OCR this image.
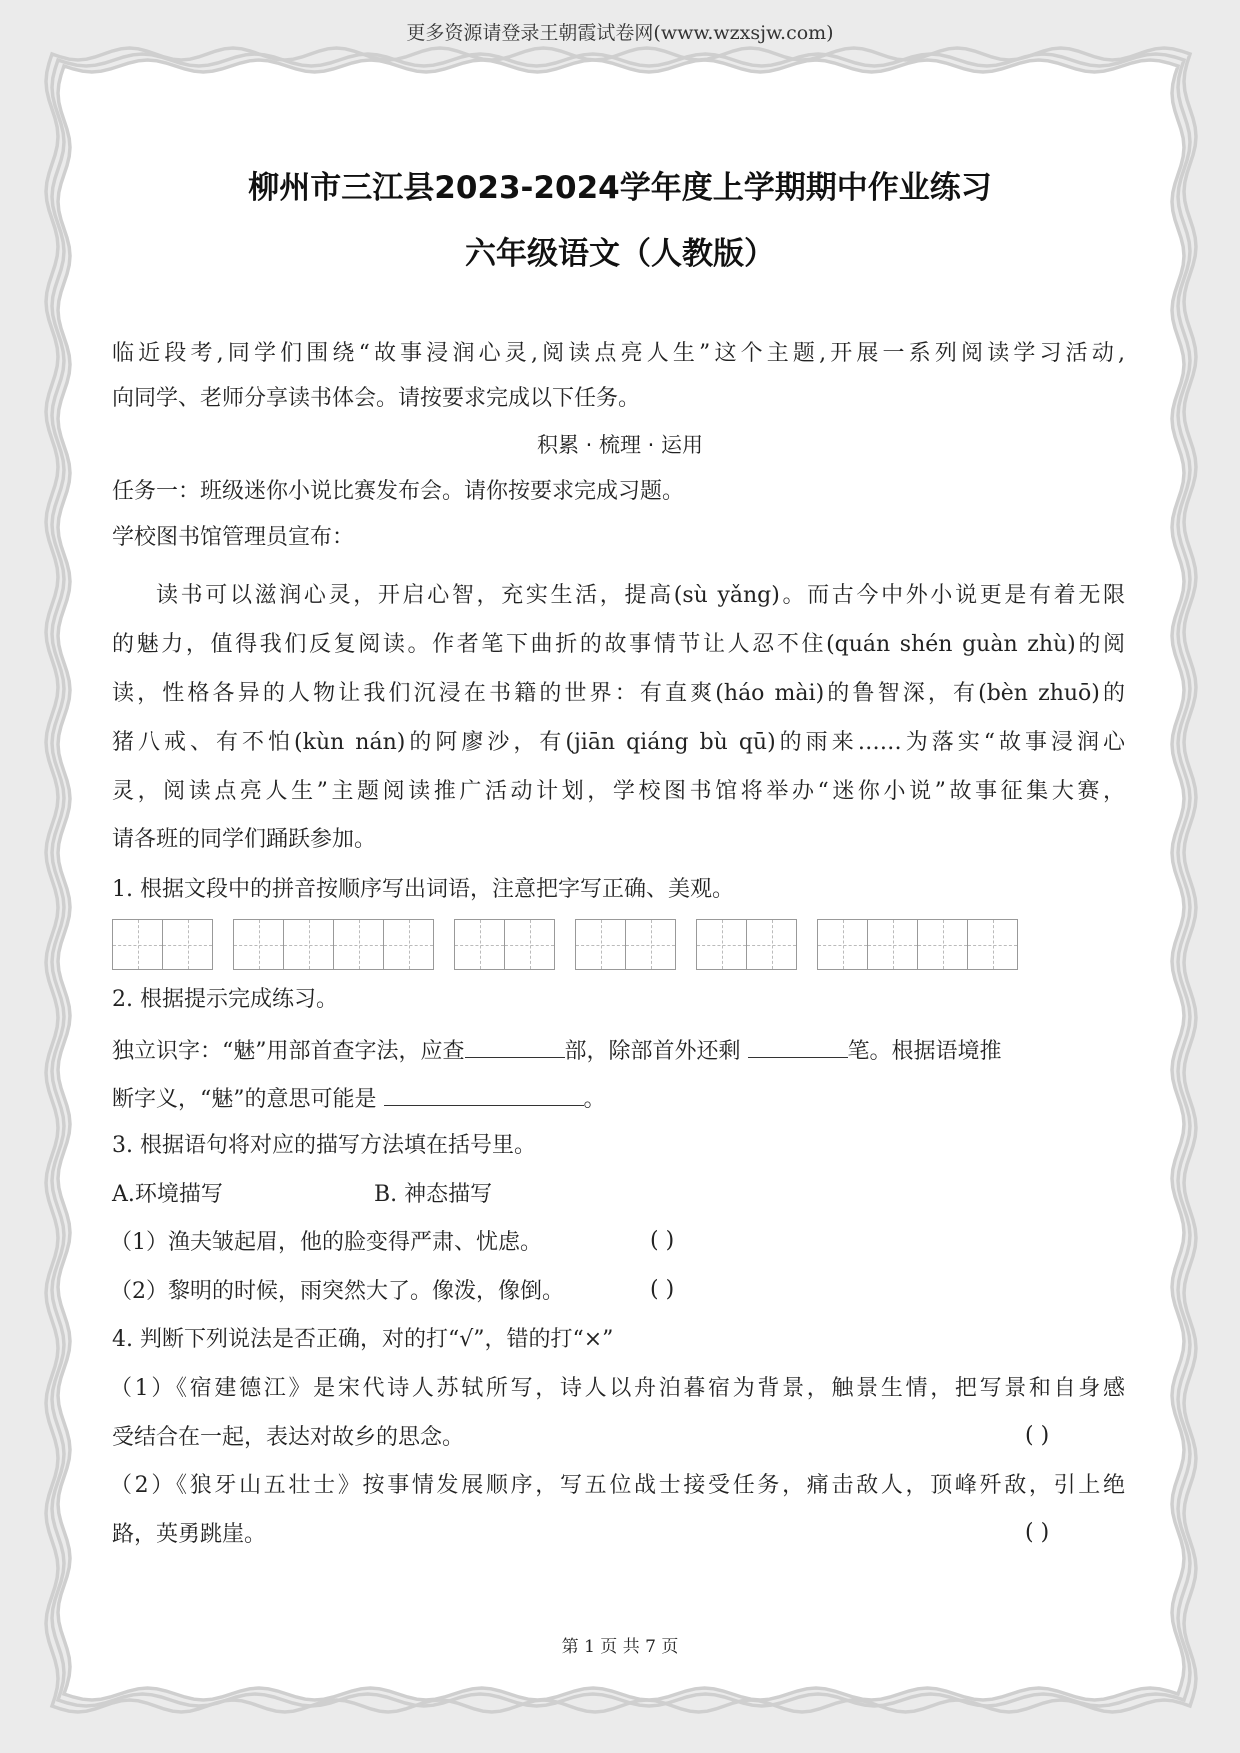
更多资源请登录王朝霞试卷网(www.wzxsjw.com)
柳州市三江县2023-2024学年度上学期期中作业练习
六年级语文（人教版）
临近段考,同学们围绕“故事浸润心灵,阅读点亮人生”这个主题,开展一系列阅读学习活动,
向同学、老师分享读书体会。请按要求完成以下任务。
积累 · 梳理 · 运用
任务一：班级迷你小说比赛发布会。请你按要求完成习题。
学校图书馆管理员宣布：
读书可以滋润心灵，开启心智，充实生活，提高(sù yǎng)。而古今中外小说更是有着无限
的魅力，值得我们反复阅读。作者笔下曲折的故事情节让人忍不住(quán shén guàn zhù)的阅
读，性格各异的人物让我们沉浸在书籍的世界：有直爽(háo mài)的鲁智深，有(bèn zhuō)的
猪八戒、有不怕(kùn nán)的阿廖沙，有(jiān qiáng bù qū)的雨来……为落实“故事浸润心
灵，阅读点亮人生”主题阅读推广活动计划，学校图书馆将举办“迷你小说”故事征集大赛，
请各班的同学们踊跃参加。
1. 根据文段中的拼音按顺序写出词语，注意把字写正确、美观。
2. 根据提示完成练习。
独立识字：“魅”用部首查字法，应查	部，除部首外还剩	笔。根据语境推
断字义，“魅”的意思可能是	。
3. 根据语句将对应的描写方法填在括号里。
A.环境描写	B. 神态描写
（1）渔夫皱起眉，他的脸变得严肃、忧虑。	( )
（2）黎明的时候，雨突然大了。像泼，像倒。	( )
4. 判断下列说法是否正确，对的打“√”，错的打“×”
（1）《宿建德江》是宋代诗人苏轼所写，诗人以舟泊暮宿为背景，触景生情，把写景和自身感
受结合在一起，表达对故乡的思念。	( )
（2）《狼牙山五壮士》按事情发展顺序，写五位战士接受任务，痛击敌人，顶峰歼敌，引上绝
路，英勇跳崖。	( )
第 1 页 共 7 页
